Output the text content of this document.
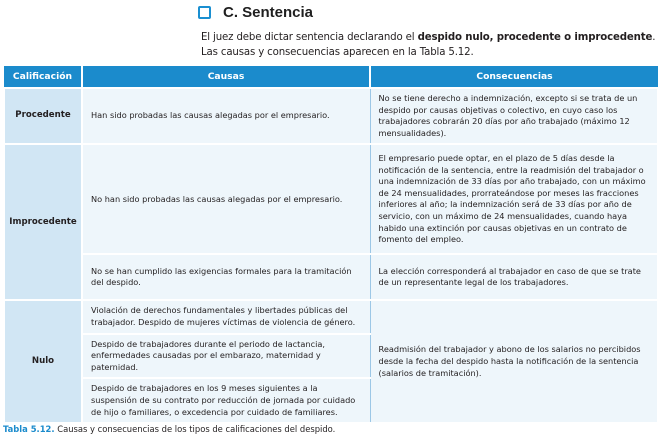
C. Sentencia

El juez debe dictar sentencia declarando el despido nulo, procedente o improcedente. Las causas y consecuencias aparecen en la Tabla 5.12.

Calificación	Causas	Consecuencias
Procedente	Han sido probadas las causas alegadas por el empresario.	No se tiene derecho a indemnización, excepto si se trata de un despido por causas objetivas o colectivo, en cuyo caso los trabajadores cobrarán 20 días por año trabajado (máximo 12 mensualidades).
Improcedente	No han sido probadas las causas alegadas por el empresario.	El empresario puede optar, en el plazo de 5 días desde la notificación de la sentencia, entre la readmisión del trabajador o una indemnización de 33 días por año trabajado, con un máximo de 24 mensualidades, prorrateándose por meses las fracciones inferiores al año; la indemnización será de 33 días por año de servicio, con un máximo de 24 mensualidades, cuando haya habido una extinción por causas objetivas en un contrato de fomento del empleo.
	No se han cumplido las exigencias formales para la tramitación del despido.	La elección corresponderá al trabajador en caso de que se trate de un representante legal de los trabajadores.
Nulo	Violación de derechos fundamentales y libertades públicas del trabajador. Despido de mujeres víctimas de violencia de género.	Readmisión del trabajador y abono de los salarios no percibidos desde la fecha del despido hasta la notificación de la sentencia (salarios de tramitación).
	Despido de trabajadores durante el periodo de lactancia, enfermedades causadas por el embarazo, maternidad y paternidad.	
	Despido de trabajadores en los 9 meses siguientes a la suspensión de su contrato por reducción de jornada por cuidado de hijo o familiares, o excedencia por cuidado de familiares.	

Tabla 5.12. Causas y consecuencias de los tipos de calificaciones del despido.
